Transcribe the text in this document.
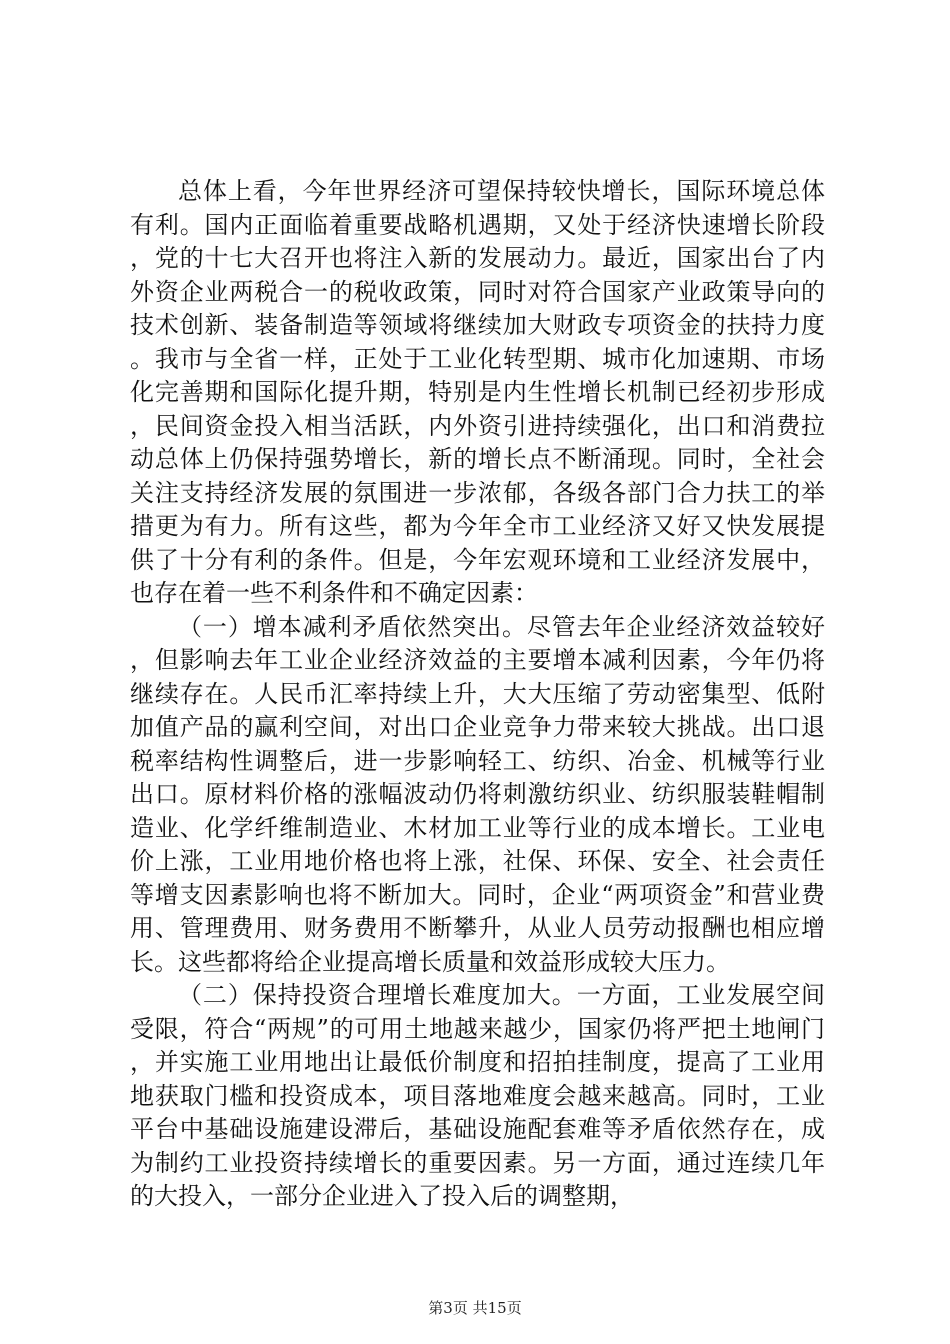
总体上看，今年世界经济可望保持较快增长，国际环境总体有利。国内正面临着重要战略机遇期，又处于经济快速增长阶段，党的十七大召开也将注入新的发展动力。最近，国家出台了内外资企业两税合一的税收政策，同时对符合国家产业政策导向的技术创新、装备制造等领域将继续加大财政专项资金的扶持力度。我市与全省一样，正处于工业化转型期、城市化加速期、市场化完善期和国际化提升期，特别是内生性增长机制已经初步形成，民间资金投入相当活跃，内外资引进持续强化，出口和消费拉动总体上仍保持强势增长，新的增长点不断涌现。同时，全社会关注支持经济发展的氛围进一步浓郁，各级各部门合力扶工的举措更为有力。所有这些，都为今年全市工业经济又好又快发展提供了十分有利的条件。但是，今年宏观环境和工业经济发展中，也存在着一些不利条件和不确定因素：

（一）增本减利矛盾依然突出。尽管去年企业经济效益较好，但影响去年工业企业经济效益的主要增本减利因素，今年仍将继续存在。人民币汇率持续上升，大大压缩了劳动密集型、低附加值产品的赢利空间，对出口企业竞争力带来较大挑战。出口退税率结构性调整后，进一步影响轻工、纺织、冶金、机械等行业出口。原材料价格的涨幅波动仍将刺激纺织业、纺织服装鞋帽制造业、化学纤维制造业、木材加工业等行业的成本增长。工业电价上涨，工业用地价格也将上涨，社保、环保、安全、社会责任等增支因素影响也将不断加大。同时，企业“两项资金”和营业费用、管理费用、财务费用不断攀升，从业人员劳动报酬也相应增长。这些都将给企业提高增长质量和效益形成较大压力。

（二）保持投资合理增长难度加大。一方面，工业发展空间受限，符合“两规”的可用土地越来越少，国家仍将严把土地闸门，并实施工业用地出让最低价制度和招拍挂制度，提高了工业用地获取门槛和投资成本，项目落地难度会越来越高。同时，工业平台中基础设施建设滞后，基础设施配套难等矛盾依然存在，成为制约工业投资持续增长的重要因素。另一方面，通过连续几年的大投入，一部分企业进入了投入后的调整期，

第3页 共15页
